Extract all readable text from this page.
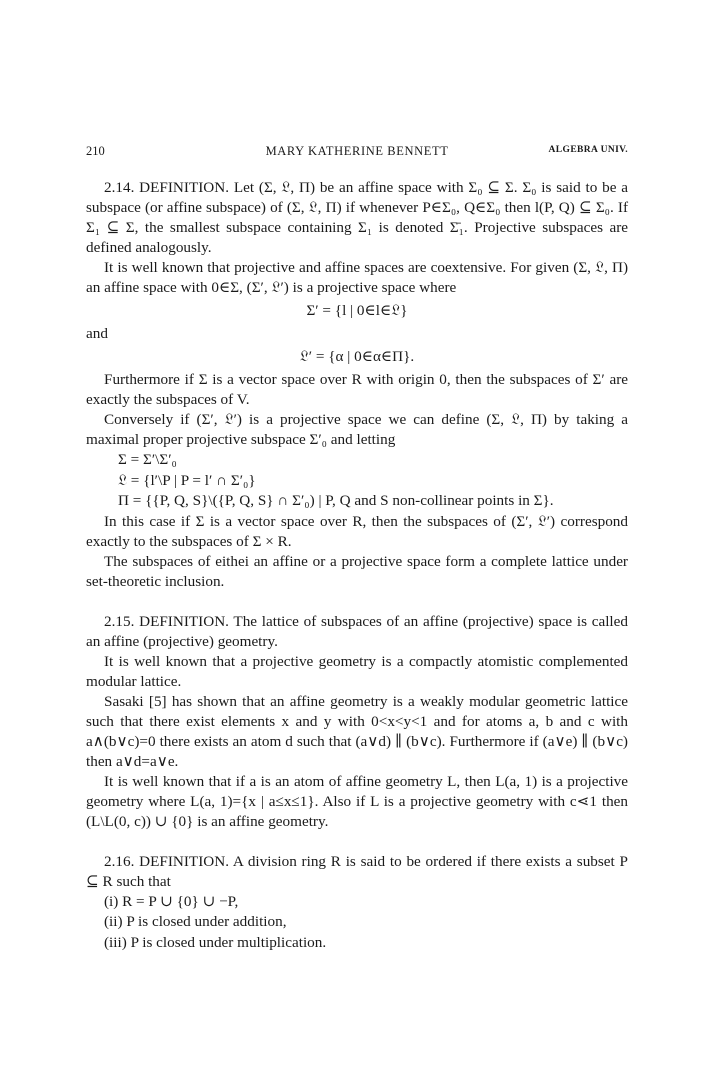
210	MARY KATHERINE BENNETT	ALGEBRA UNIV.

2.14. DEFINITION. Let (Σ, 𝔏, Π) be an affine space with Σ₀ ⊆ Σ. Σ₀ is said to be a subspace (or affine subspace) of (Σ, 𝔏, Π) if whenever P∈Σ₀, Q∈Σ₀ then l(P, Q) ⊆ Σ₀. If Σ₁ ⊆ Σ, the smallest subspace containing Σ₁ is denoted Σ̄₁. Projective subspaces are defined analogously.

It is well known that projective and affine spaces are coextensive. For given (Σ, 𝔏, Π) an affine space with 0∈Σ, (Σ′, 𝔏′) is a projective space where

Σ′ = {l | 0∈l∈𝔏}

and

𝔏′ = {α | 0∈α∈Π}.

Furthermore if Σ is a vector space over R with origin 0, then the subspaces of Σ′ are exactly the subspaces of V.

Conversely if (Σ′, 𝔏′) is a projective space we can define (Σ, 𝔏, Π) by taking a maximal proper projective subspace Σ′₀ and letting

Σ = Σ′\Σ′₀
𝔏 = {l′\P | P = l′ ∩ Σ′₀}
Π = {{P, Q, S}\({P, Q, S} ∩ Σ′₀) | P, Q and S non-collinear points in Σ}.

In this case if Σ is a vector space over R, then the subspaces of (Σ′, 𝔏′) correspond exactly to the subspaces of Σ × R.

The subspaces of eithei an affine or a projective space form a complete lattice under set-theoretic inclusion.

2.15. DEFINITION. The lattice of subspaces of an affine (projective) space is called an affine (projective) geometry.

It is well known that a projective geometry is a compactly atomistic complemented modular lattice.

Sasaki [5] has shown that an affine geometry is a weakly modular geometric lattice such that there exist elements x and y with 0<x<y<1 and for atoms a, b and c with a∧(b∨c)=0 there exists an atom d such that (a∨d) ∥ (b∨c). Furthermore if (a∨e) ∥ (b∨c) then a∨d=a∨e.

It is well known that if a is an atom of affine geometry L, then L(a, 1) is a projective geometry where L(a, 1)={x | a≤x≤1}. Also if L is a projective geometry with c⋖1 then (L\L(0, c)) ∪ {0} is an affine geometry.

2.16. DEFINITION. A division ring R is said to be ordered if there exists a subset P ⊆ R such that

(i) R = P ∪ {0} ∪ −P,
(ii) P is closed under addition,
(iii) P is closed under multiplication.
